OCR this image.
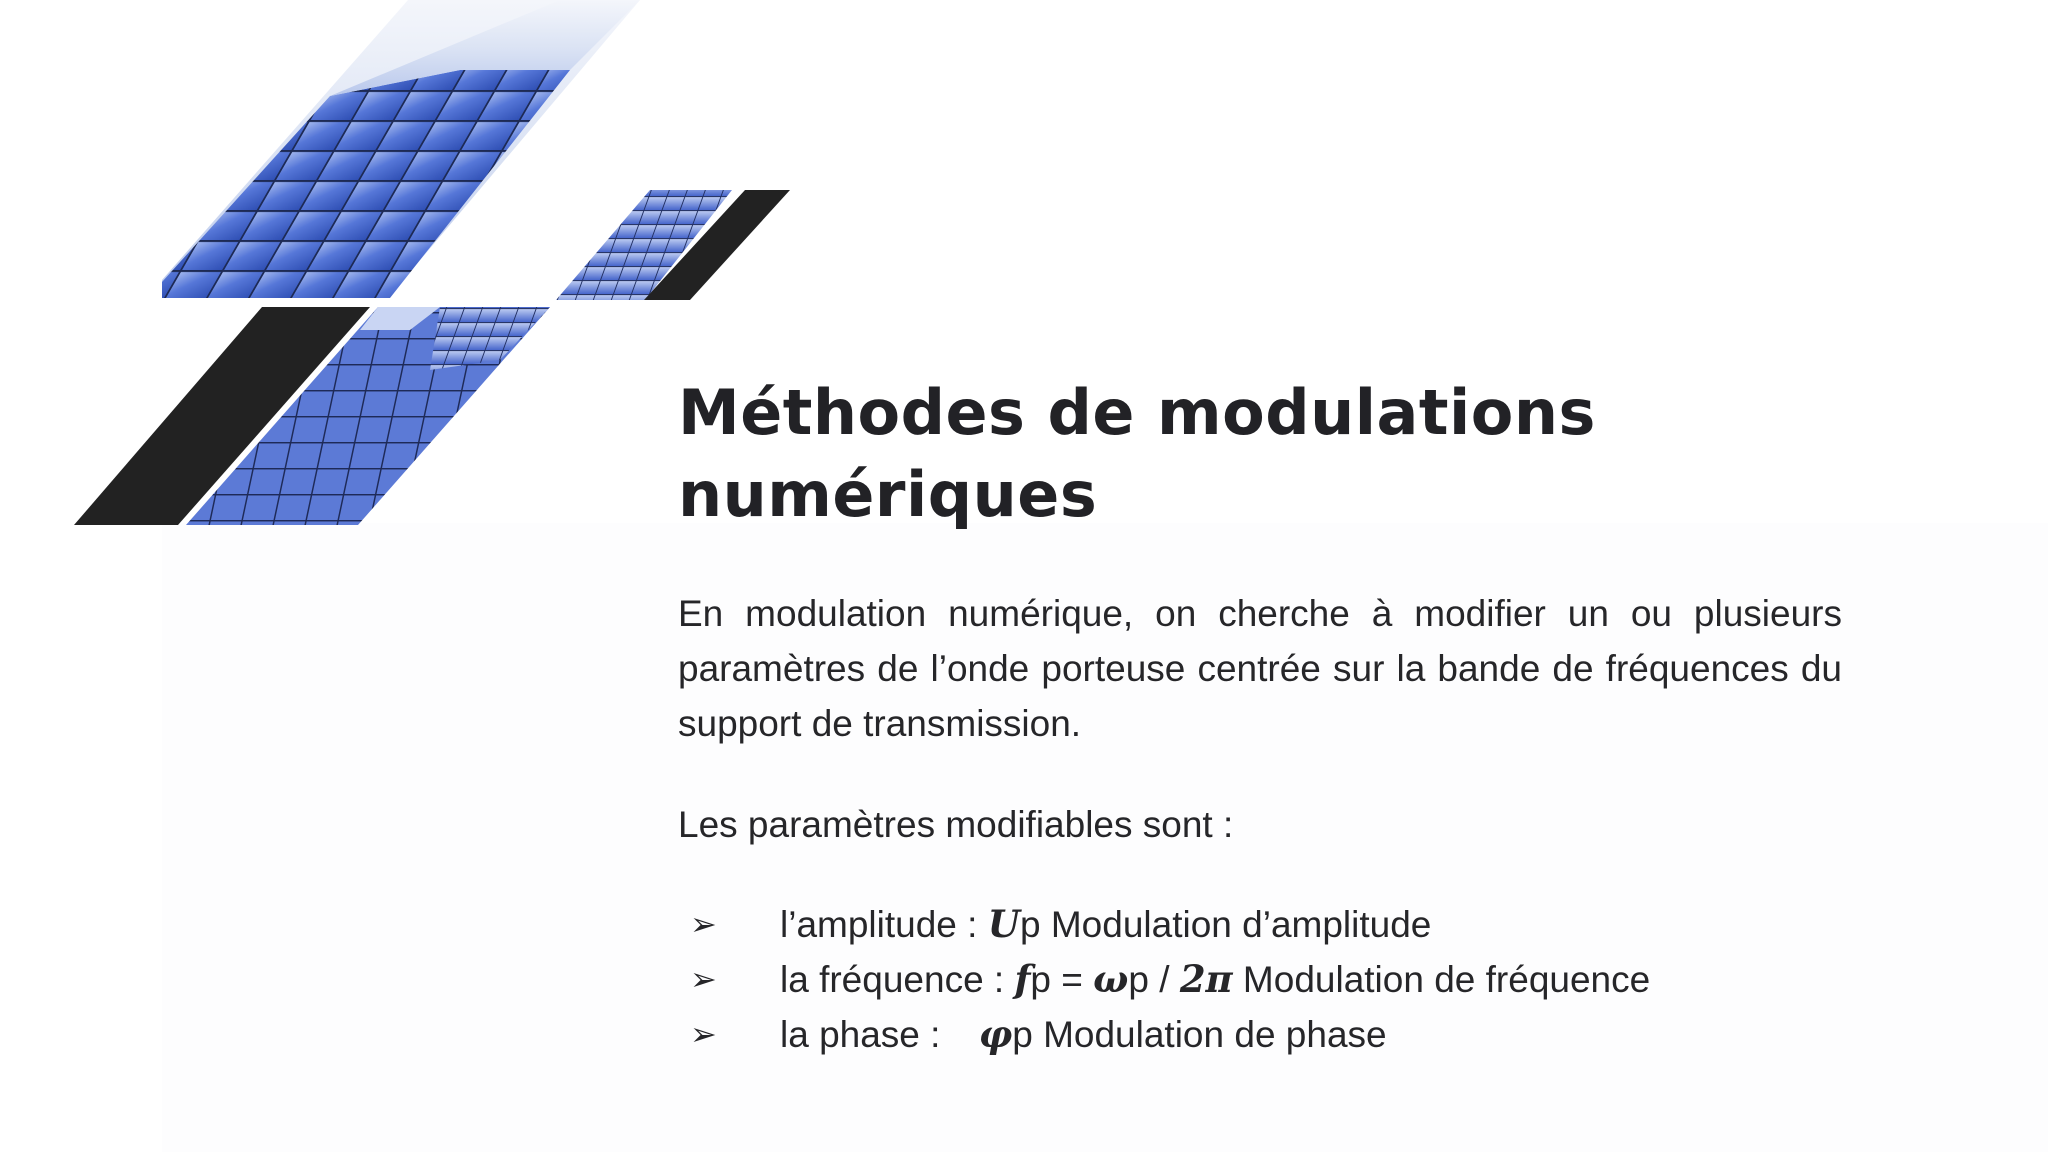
Méthodes de modulations
numériques

En modulation numérique, on cherche à modifier un ou plusieurs paramètres de l’onde porteuse centrée sur la bande de fréquences du support de transmission.

Les paramètres modifiables sont :

➢ l’amplitude : Up Modulation d’amplitude
➢ la fréquence : fp = ωp / 2π Modulation de fréquence
➢ la phase : φp Modulation de phase
